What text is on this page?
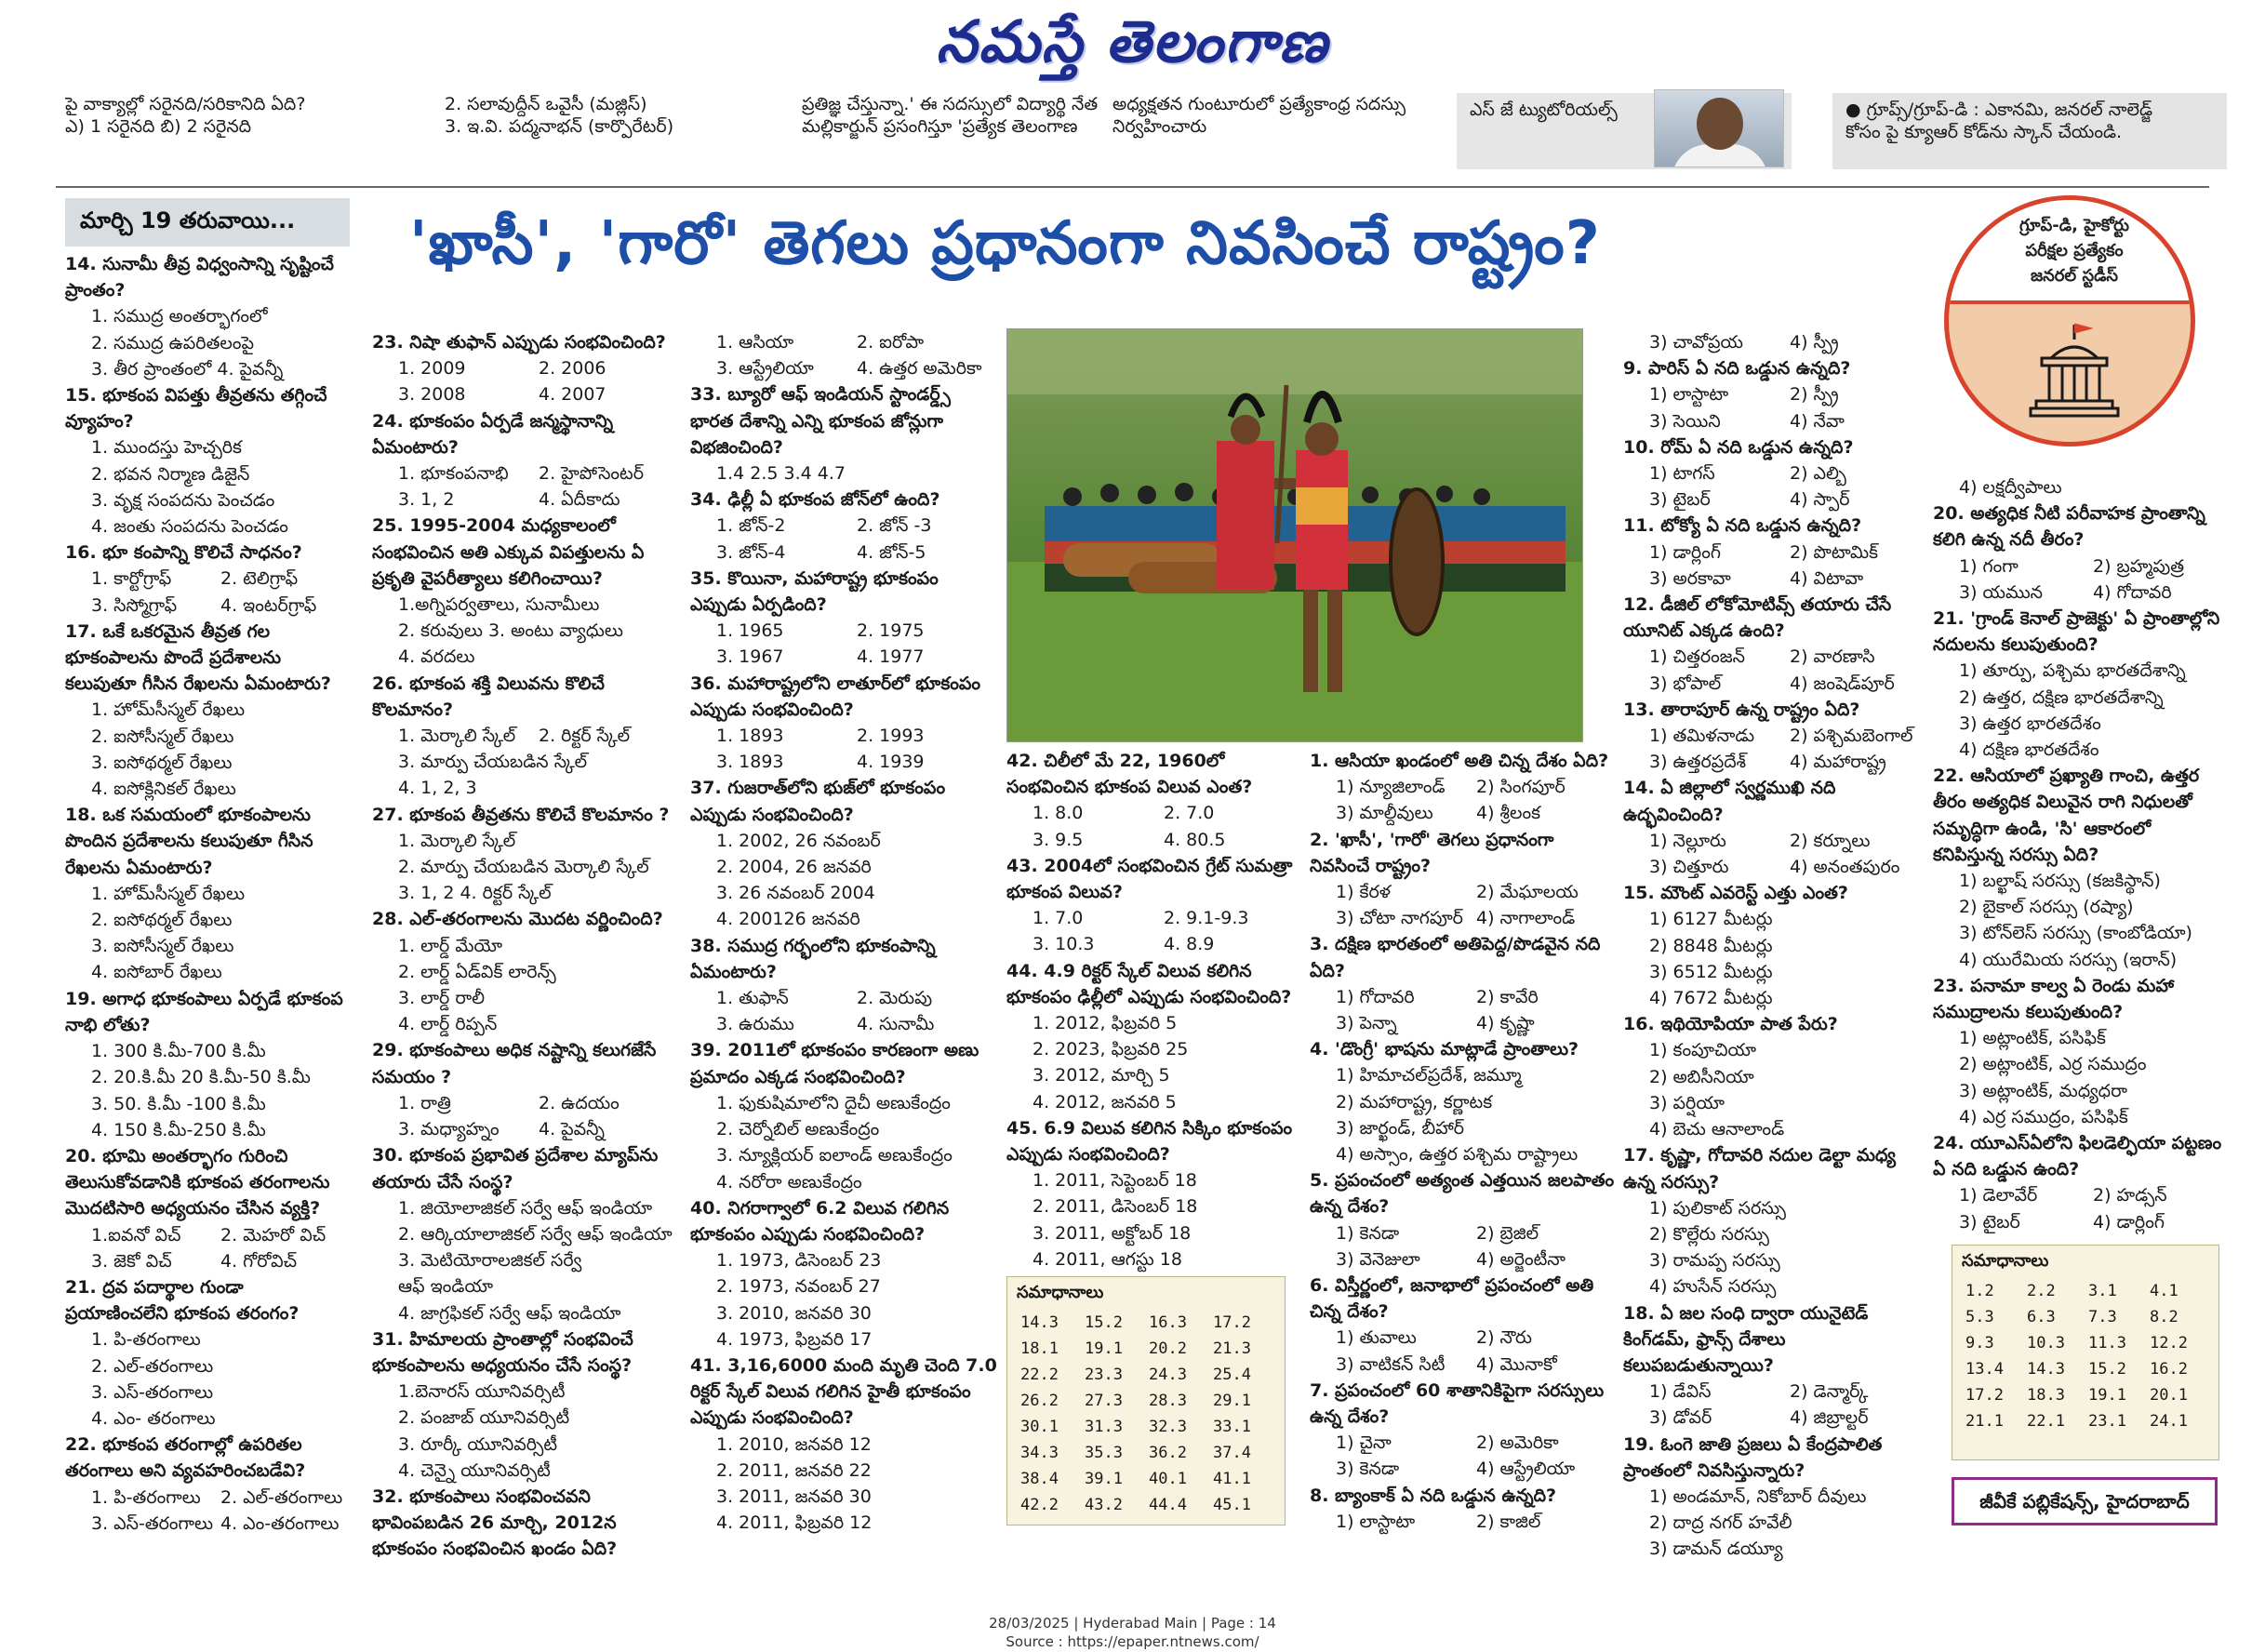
నమస్తే తెలంగాణ

పై వాక్యాల్లో సరైనది/సరికానిది ఏది?

ఎ) 1 సరైనది బి) 2 సరైనది

2. సలావుద్దీన్ ఒవైసీ (మజ్లిస్)

3. ఇ.వి. పద్మనాభన్ (కార్పొరేటర్)

ప్రతిజ్ఞ చేస్తున్నా.' ఈ సదస్సులో విద్యార్థి నేత

మల్లికార్జున్ ప్రసంగిస్తూ 'ప్రత్యేక తెలంగాణ

అధ్యక్షతన గుంటూరులో ప్రత్యేకాంధ్ర సదస్సు

నిర్వహించారు

ఎస్ జే ట్యుటోరియల్స్	● గ్రూప్స్/గ్రూప్-డి : ఎకానమి, జనరల్ నాలెడ్జ్

కోసం పై క్యూఆర్ కోడ్‌ను స్కాన్ చేయండి.

మార్చి 19 తరువాయి...	'ఖాసీ', 'గారో' తెగలు ప్రధానంగా నివసించే రాష్ట్రం?	గ్రూప్-డి, హైకోర్టు
పరీక్షల ప్రత్యేకం
జనరల్ స్టడీస్
14. సునామీ తీవ్ర విధ్వంసాన్ని సృష్టించే ప్రాంతం?
1. సముద్ర అంతర్భాగంలో
2. సముద్ర ఉపరితలంపై
3. తీర ప్రాంతంలో 4. పైవన్నీ
15. భూకంప విపత్తు తీవ్రతను తగ్గించే వ్యూహం?
1. ముందస్తు హెచ్చరిక
2. భవన నిర్మాణ డిజైన్
3. వృక్ష సంపదను పెంచడం
4. జంతు సంపదను పెంచడం
16. భూ కంపాన్ని కొలిచే సాధనం?
1. కార్టోగ్రాఫ్	2. టెలిగ్రాఫ్
3. సిస్మోగ్రాఫ్	4. ఇంటర్‌గ్రాఫ్
17. ఒకే ఒకరమైన తీవ్రత గల భూకంపాలను పొందే ప్రదేశాలను కలుపుతూ గీసిన రేఖలను ఏమంటారు?
1. హోమ్‌సీస్మల్ రేఖలు
2. ఐసోసీస్మల్ రేఖలు
3. ఐసోథర్మల్ రేఖలు
4. ఐసోక్లినికల్ రేఖలు
18. ఒక సమయంలో భూకంపాలను పొందిన ప్రదేశాలను కలుపుతూ గీసిన రేఖలను ఏమంటారు?
1. హోమ్‌సీస్మల్ రేఖలు
2. ఐసోథర్మల్ రేఖలు
3. ఐసోసీస్మల్ రేఖలు
4. ఐసోబార్ రేఖలు
19. అగాధ భూకంపాలు ఏర్పడే భూకంప నాభి లోతు?
1. 300 కి.మీ-700 కి.మీ
2. 20.కి.మీ 20 కి.మీ-50 కి.మీ
3. 50. కి.మీ -100 కి.మీ
4. 150 కి.మీ-250 కి.మీ
20. భూమి అంతర్భాగం గురించి తెలుసుకోవడానికి భూకంప తరంగాలను మొదటిసారి అధ్యయనం చేసిన వ్యక్తి?
1.ఐవనో విచ్	2. మెహరో విచ్
3. జెకో విచ్	4. గోరోవిచ్
21. ద్రవ పదార్థాల గుండా ప్రయాణించలేని భూకంప తరంగం?
1. పి-తరంగాలు
2. ఎల్-తరంగాలు
3. ఎస్-తరంగాలు
4. ఎం- తరంగాలు
22. భూకంప తరంగాల్లో ఉపరితల తరంగాలు అని వ్యవహరించబడేవి?
1. పి-తరంగాలు	2. ఎల్-తరంగాలు
3. ఎస్-తరంగాలు 4. ఎం-తరంగాలు
23. నిషా తుఫాన్ ఎప్పుడు సంభవించింది?
1. 2009	2. 2006
3. 2008	4. 2007
24. భూకంపం ఏర్పడే జన్మస్థానాన్ని ఏమంటారు?
1. భూకంపనాభి	2. హైపోసెంటర్
3. 1, 2	4. ఏదీకాదు
25. 1995-2004 మధ్యకాలంలో సంభవించిన అతి ఎక్కువ విపత్తులను ఏ ప్రకృతి వైపరీత్యాలు కలిగించాయి?
1.అగ్నిపర్వతాలు, సునామీలు
2. కరువులు 3. అంటు వ్యాధులు
4. వరదలు
26. భూకంప శక్తి విలువను కొలిచే కొలమానం?
1. మెర్కాలి స్కేల్	2. రిక్టర్ స్కేల్
3. మార్పు చేయబడిన స్కేల్
4. 1, 2, 3
27. భూకంప తీవ్రతను కొలిచే కొలమానం ?
1. మెర్కాలి స్కేల్
2. మార్పు చేయబడిన మెర్కాలి స్కేల్
3. 1, 2 4. రిక్టర్ స్కేల్
28. ఎల్-తరంగాలను మొదట వర్ణించింది?
1. లార్డ్ మేయో
2. లార్డ్ ఏడ్‌విక్ లారెన్స్
3. లార్డ్ రాలీ
4. లార్డ్ రిప్పన్
29. భూకంపాలు అధిక నష్టాన్ని కలుగజేసే సమయం ?
1. రాత్రి	2. ఉదయం
3. మధ్యాహ్నం	4. పైవన్నీ
30. భూకంప ప్రభావిత ప్రదేశాల మ్యాప్‌ను తయారు చేసే సంస్థ?
1. జియోలాజికల్ సర్వే ఆఫ్ ఇండియా
2. ఆర్కియాలాజికల్ సర్వే ఆఫ్ ఇండియా
3. మెటియోరాలజికల్ సర్వే
ఆఫ్ ఇండియా
4. జాగ్రఫికల్ సర్వే ఆఫ్ ఇండియా
31. హిమాలయ ప్రాంతాల్లో సంభవించే భూకంపాలను అధ్యయనం చేసే సంస్థ?
1.బెనారస్ యూనివర్సిటీ
2. పంజాబ్ యూనివర్సిటీ
3. రూర్కీ యూనివర్సిటీ
4. చెన్నై యూనివర్సిటీ
32. భూకంపాలు సంభవించవని భావింపబడిన 26 మార్చి, 2012న భూకంపం సంభవించిన ఖండం ఏది?
1. ఆసియా	2. ఐరోపా
3. ఆస్ట్రేలియా	4. ఉత్తర అమెరికా
33. బ్యూరో ఆఫ్ ఇండియన్ స్టాండర్డ్స్ భారత దేశాన్ని ఎన్ని భూకంప జోన్లుగా విభజించింది?
1.4 2.5 3.4 4.7
34. ఢిల్లీ ఏ భూకంప జోన్‌లో ఉంది?
1. జోన్-2	2. జోన్ -3
3. జోన్-4	4. జోన్-5
35. కొయినా, మహారాష్ట్ర భూకంపం ఎప్పుడు ఏర్పడింది?
1. 1965	2. 1975
3. 1967	4. 1977
36. మహారాష్ట్రలోని లాతూర్‌లో భూకంపం ఎప్పుడు సంభవించింది?
1. 1893	2. 1993
3. 1893	4. 1939
37. గుజరాత్‌లోని భుజ్‌లో భూకంపం ఎప్పుడు సంభవించింది?
1. 2002, 26 నవంబర్
2. 2004, 26 జనవరి
3. 26 నవంబర్ 2004
4. 200126 జనవరి
38. సముద్ర గర్భంలోని భూకంపాన్ని ఏమంటారు?
1. తుఫాన్	2. మెరుపు
3. ఉరుము	4. సునామీ
39. 2011లో భూకంపం కారణంగా అణు ప్రమాదం ఎక్కడ సంభవించింది?
1. ఫుకుషిమాలోని దైచీ అణుకేంద్రం
2. చెర్నోబిల్ అణుకేంద్రం
3. న్యూక్లియర్ ఐలాండ్ అణుకేంద్రం
4. నరోరా అణుకేంద్రం
40. నిగరాగ్వాలో 6.2 విలువ గలిగిన భూకంపం ఎప్పుడు సంభవించింది?
1. 1973, డిసెంబర్ 23
2. 1973, నవంబర్ 27
3. 2010, జనవరి 30
4. 1973, ఫిబ్రవరి 17
41. 3,16,6000 మంది మృతి చెంది 7.0 రిక్టర్ స్కేల్ విలువ గలిగిన హైతీ భూకంపం ఎప్పుడు సంభవించింది?
1. 2010, జనవరి 12
2. 2011, జనవరి 22
3. 2011, జనవరి 30
4. 2011, ఫిబ్రవరి 12
42. చిలీలో మే 22, 1960లో సంభవించిన భూకంప విలువ ఎంత?
1. 8.0	2. 7.0
3. 9.5	4. 80.5
43. 2004లో సంభవించిన గ్రేట్ సుమత్రా భూకంప విలువ?
1. 7.0	2. 9.1-9.3
3. 10.3	4. 8.9
44. 4.9 రిక్టర్ స్కేల్ విలువ కలిగిన భూకంపం ఢిల్లీలో ఎప్పుడు సంభవించింది?
1. 2012, ఫిబ్రవరి 5
2. 2023, ఫిబ్రవరి 25
3. 2012, మార్చి 5
4. 2012, జనవరి 5
45. 6.9 విలువ కలిగిన సిక్కిం భూకంపం ఎప్పుడు సంభవించింది?
1. 2011, సెప్టెంబర్ 18
2. 2011, డిసెంబర్ 18
3. 2011, అక్టోబర్ 18
4. 2011, ఆగస్టు 18
సమాధానాలు
14.3	15.2	16.3	17.2
18.1	19.1	20.2	21.3
22.2	23.3	24.3	25.4
26.2	27.3	28.3	29.1
30.1	31.3	32.3	33.1
34.3	35.3	36.2	37.4
38.4	39.1	40.1	41.1
42.2	43.2	44.4	45.1
1. ఆసియా ఖండంలో అతి చిన్న దేశం ఏది?
1) న్యూజిలాండ్	2) సింగపూర్
3) మాల్దీవులు	4) శ్రీలంక
2. 'ఖాసీ', 'గారో' తెగలు ప్రధానంగా నివసించే రాష్ట్రం?
1) కేరళ	2) మేఘాలయ
3) చోటా నాగపూర్ 4) నాగాలాండ్
3. దక్షిణ భారతంలో అతిపెద్ద/పొడవైన నది ఏది?
1) గోదావరి	2) కావేరి
3) పెన్నా	4) కృష్ణా
4. 'డొంగ్రీ' భాషను మాట్లాడే ప్రాంతాలు?
1) హిమాచల్‌ప్రదేశ్, జమ్మూ
2) మహారాష్ట్ర, కర్ణాటక
3) జార్ఖండ్, బీహార్
4) అస్సాం, ఉత్తర పశ్చిమ రాష్ట్రాలు
5. ప్రపంచంలో అత్యంత ఎత్తయిన జలపాతం ఉన్న దేశం?
1) కెనడా	2) బ్రెజిల్
3) వెనెజులా	4) అర్జెంటీనా
6. విస్తీర్ణంలో, జనాభాలో ప్రపంచంలో అతి చిన్న దేశం?
1) తువాలు	2) నౌరు
3) వాటికన్ సిటీ	4) మొనాకో
7. ప్రపంచంలో 60 శాతానికిపైగా సరస్సులు ఉన్న దేశం?
1) చైనా	2) అమెరికా
3) కెనడా	4) ఆస్ట్రేలియా
8. బ్యాంకాక్ ఏ నది ఒడ్డున ఉన్నది?
1) లాస్టాటా	2) కాజిల్
3) చావోప్రయ	4) స్ప్రీ
9. పారిస్ ఏ నది ఒడ్డున ఉన్నది?
1) లాస్టాటా	2) స్ప్రీ
3) సెయిని	4) నేవా
10. రోమ్ ఏ నది ఒడ్డున ఉన్నది?
1) టాగస్	2) ఎల్బి
3) టైబర్	4) స్పార్
11. టోక్యో ఏ నది ఒడ్డున ఉన్నది?
1) డార్లింగ్	2) పొటామిక్
3) అరకావా	4) విటావా
12. డీజిల్ లోకోమోటివ్స్ తయారు చేసే యూనిట్ ఎక్కడ ఉంది?
1) చిత్తరంజన్	2) వారణాసి
3) భోపాల్	4) జంషెడ్‌పూర్
13. తారాపూర్ ఉన్న రాష్ట్రం ఏది?
1) తమిళనాడు	2) పశ్చిమబెంగాల్
3) ఉత్తరప్రదేశ్	4) మహారాష్ట్ర
14. ఏ జిల్లాలో స్వర్ణముఖి నది ఉద్భవించింది?
1) నెల్లూరు	2) కర్నూలు
3) చిత్తూరు	4) అనంతపురం
15. మౌంట్ ఎవరెస్ట్ ఎత్తు ఎంత?
1) 6127 మీటర్లు
2) 8848 మీటర్లు
3) 6512 మీటర్లు
4) 7672 మీటర్లు
16. ఇథియోపియా పాత పేరు?
1) కంపూచియా
2) అబిసీనియా
3) పర్షియా
4) బెచు ఆనాలాండ్
17. కృష్ణా, గోదావరి నదుల డెల్టా మధ్య ఉన్న సరస్సు?
1) పులికాట్ సరస్సు
2) కొల్లేరు సరస్సు
3) రామప్ప సరస్సు
4) హుసేన్ సరస్సు
18. ఏ జల సంధి ద్వారా యునైటెడ్ కింగ్‌డమ్, ఫ్రాన్స్ దేశాలు కలుపబడుతున్నాయి?
1) డేవిస్	2) డెన్మార్క్
3) డోవర్	4) జిబ్రాల్టర్
19. ఓంగె జాతి ప్రజలు ఏ కేంద్రపాలిత ప్రాంతంలో నివసిస్తున్నారు?
1) అండమాన్, నికోబార్ దీవులు
2) దాద్ర నగర్ హవేలీ
3) డామన్ డయ్యూ
4) లక్షద్వీపాలు
20. అత్యధిక నీటి పరీవాహక ప్రాంతాన్ని కలిగి ఉన్న నదీ తీరం?
1) గంగా	2) బ్రహ్మపుత్ర
3) యమున	4) గోదావరి
21. 'గ్రాండ్ కెనాల్ ప్రాజెక్టు' ఏ ప్రాంతాల్లోని నదులను కలుపుతుంది?
1) తూర్పు, పశ్చిమ భారతదేశాన్ని
2) ఉత్తర, దక్షిణ భారతదేశాన్ని
3) ఉత్తర భారతదేశం
4) దక్షిణ భారతదేశం
22. ఆసియాలో ప్రఖ్యాతి గాంచి, ఉత్తర తీరం అత్యధిక విలువైన రాగి నిధులతో సమృద్ధిగా ఉండి, 'సి' ఆకారంలో కనిపిస్తున్న సరస్సు ఏది?
1) బల్ఖాష్ సరస్సు (కజకిస్థాన్)
2) బైకాల్ సరస్సు (రష్యా)
3) టోన్‌లెస్ సరస్సు (కాంబోడియా)
4) యురేమియ సరస్సు (ఇరాన్)
23. పనామా కాల్వ ఏ రెండు మహా సముద్రాలను కలుపుతుంది?
1) అట్లాంటిక్, పసిఫిక్
2) అట్లాంటిక్, ఎర్ర సముద్రం
3) అట్లాంటిక్, మధ్యధరా
4) ఎర్ర సముద్రం, పసిఫిక్
24. యూఎస్ఏలోని ఫిలడెల్ఫియా పట్టణం ఏ నది ఒడ్డున ఉంది?
1) డెలావేర్	2) హడ్సన్
3) టైబర్	4) డార్లింగ్
సమాధానాలు
1.2	2.2	3.1	4.1
5.3	6.3	7.3	8.2
9.3	10.3	11.3	12.2
13.4	14.3	15.2	16.2
17.2	18.3	19.1	20.1
21.1	22.1	23.1	24.1
జీవీకే పబ్లికేషన్స్, హైదరాబాద్
28/03/2025 | Hyderabad Main | Page : 14
Source : https://epaper.ntnews.com/
